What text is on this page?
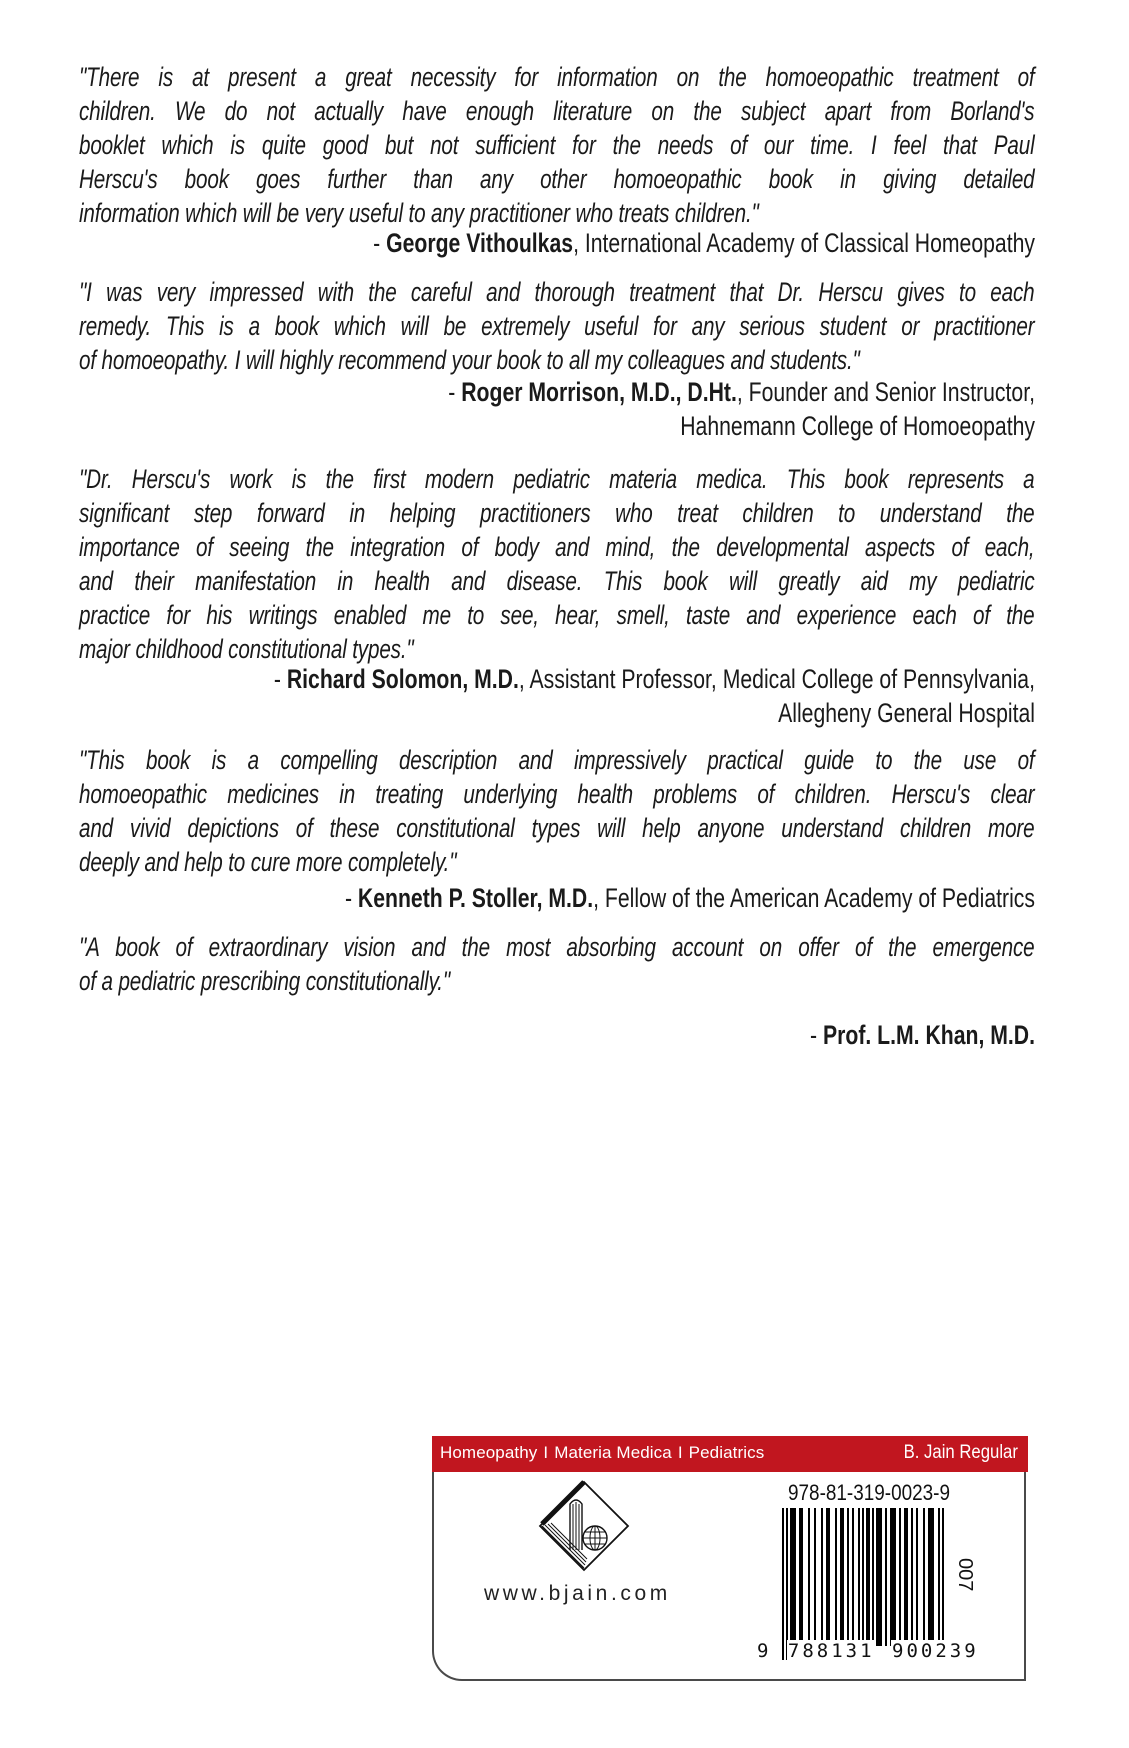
"There is at present a great necessity for information on the homoeopathic treatment of
children. We do not actually have enough literature on the subject apart from Borland's
booklet which is quite good but not sufficient for the needs of our time. I feel that Paul
Herscu's book goes further than any other homoeopathic book in giving detailed
information which will be very useful to any practitioner who treats children."
- George Vithoulkas, International Academy of Classical Homeopathy
"I was very impressed with the careful and thorough treatment that Dr. Herscu gives to each
remedy. This is a book which will be extremely useful for any serious student or practitioner
of homoeopathy. I will highly recommend your book to all my colleagues and students."
- Roger Morrison, M.D., D.Ht., Founder and Senior Instructor,
Hahnemann College of Homoeopathy
"Dr. Herscu's work is the first modern pediatric materia medica. This book represents a
significant step forward in helping practitioners who treat children to understand the
importance of seeing the integration of body and mind, the developmental aspects of each,
and their manifestation in health and disease. This book will greatly aid my pediatric
practice for his writings enabled me to see, hear, smell, taste and experience each of the
major childhood constitutional types."
- Richard Solomon, M.D., Assistant Professor, Medical College of Pennsylvania,
Allegheny General Hospital
"This book is a compelling description and impressively practical guide to the use of
homoeopathic medicines in treating underlying health problems of children. Herscu's clear
and vivid depictions of these constitutional types will help anyone understand children more
deeply and help to cure more completely."
- Kenneth P. Stoller, M.D., Fellow of the American Academy of Pediatrics
"A book of extraordinary vision and the most absorbing account on offer of the emergence
of a pediatric prescribing constitutionally."
- Prof. L.M. Khan, M.D.
Homeopathy I Materia Medica I Pediatrics	B. Jain Regular
www.bjain.com
978-81-319-0023-9
9 788131 900239
007
